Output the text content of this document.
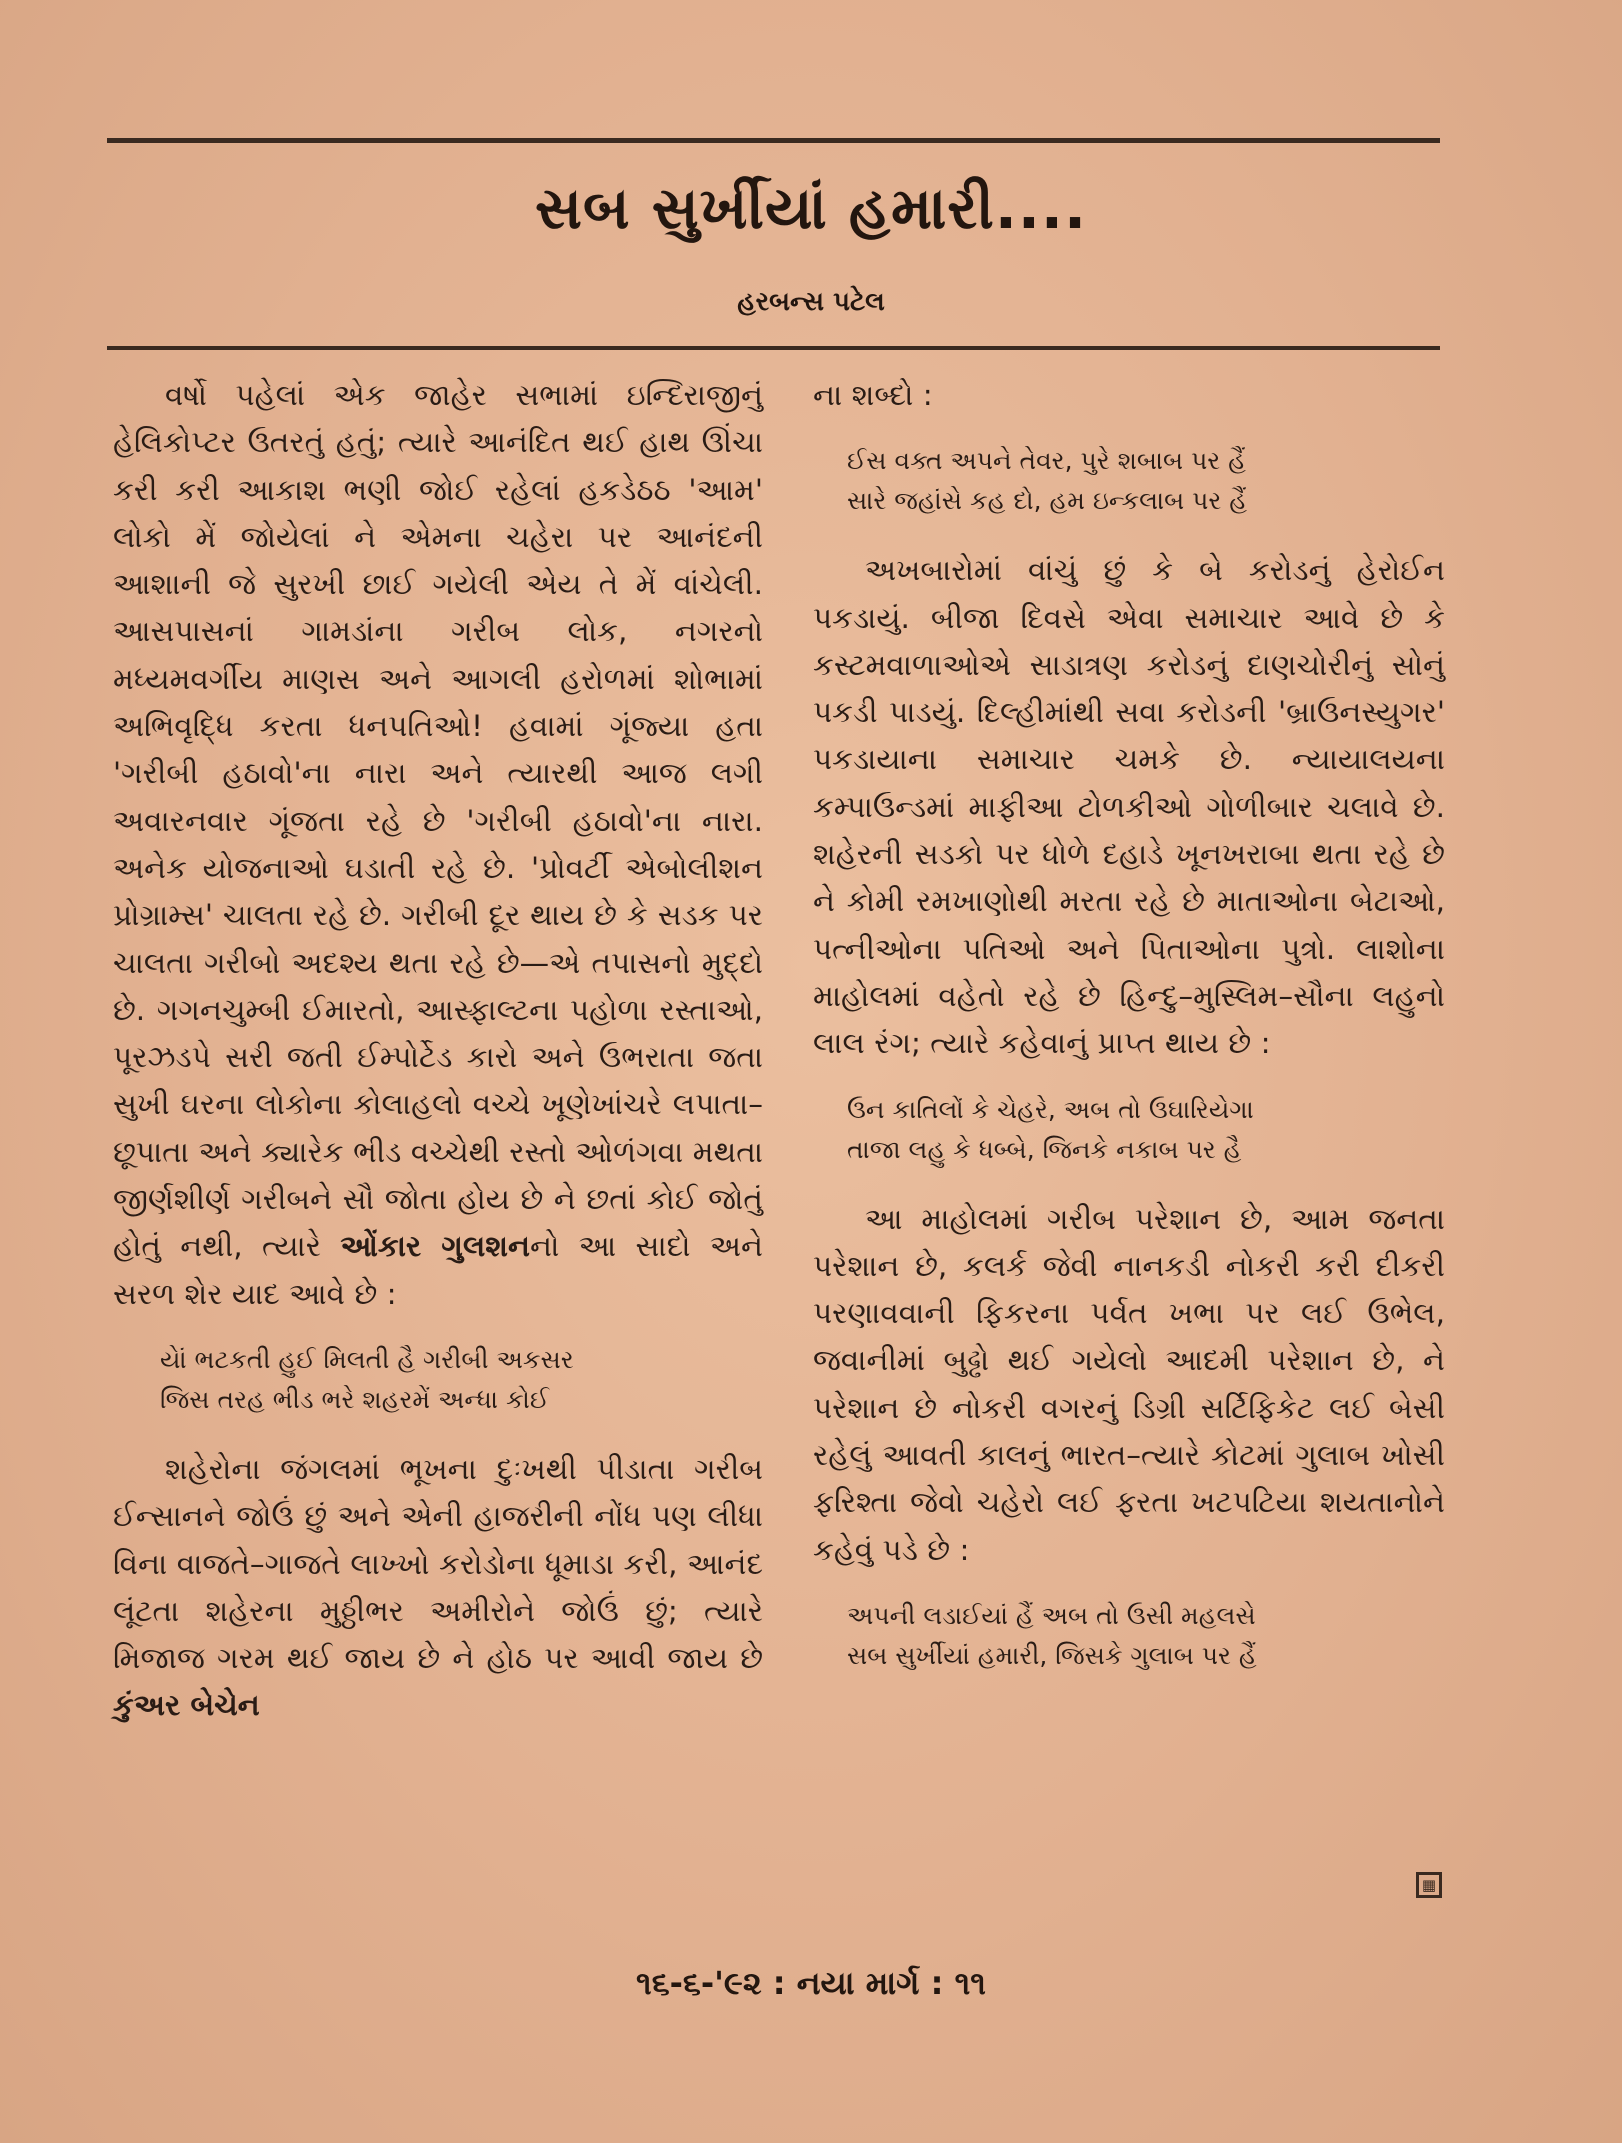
સબ સુર્ખીયાં હમારી....
હરબન્સ પટેલ

વર્ષો પહેલાં એક જાહેર સભામાં ઇન્દિરાજીનું હેલિકોપ્ટર ઉતરતું હતું; ત્યારે આનંદિત થઈ હાથ ઊંચા કરી કરી આકાશ ભણી જોઈ રહેલાં હકડેઠઠ 'આમ' લોકો મેં જોયેલાં ને એમના ચહેરા પર આનંદની આશાની જે સુરખી છાઈ ગયેલી એય તે મેં વાંચેલી. આસપાસનાં ગામડાંના ગરીબ લોક, નગરનો મધ્યમવર્ગીય માણસ અને આગલી હરોળમાં શોભામાં અભિવૃદ્ધિ કરતા ધનપતિઓ! હવામાં ગૂંજ્યા હતા 'ગરીબી હઠાવો'ના નારા અને ત્યારથી આજ લગી અવારનવાર ગૂંજતા રહે છે 'ગરીબી હઠાવો'ના નારા. અનેક યોજનાઓ ઘડાતી રહે છે. 'પ્રોવર્ટી એબોલીશન પ્રોગ્રામ્સ' ચાલતા રહે છે. ગરીબી દૂર થાય છે કે સડક પર ચાલતા ગરીબો અદશ્ય થતા રહે છે—એ તપાસનો મુદ્દો છે. ગગનચુમ્બી ઈમારતો, આસ્ફાલ્ટના પહોળા રસ્તાઓ, પૂરઝડપે સરી જતી ઈમ્પોર્ટેડ કારો અને ઉભરાતા જતા સુખી ઘરના લોકોના કોલાહલો વચ્ચે ખૂણેખાંચરે લપાતા–છૂપાતા અને ક્યારેક ભીડ વચ્ચેથી રસ્તો ઓળંગવા મથતા જીર્ણશીર્ણ ગરીબને સૌ જોતા હોય છે ને છતાં કોઈ જોતું હોતું નથી, ત્યારે ઓંકાર ગુલશનનો આ સાદો અને સરળ શેર યાદ આવે છે :

યેાં ભટકતી હુઈ મિલતી હૈ ગરીબી અકસર
જિસ તરહ ભીડ ભરે શહરમેં અન્ધા કોઈ

શહેરોના જંગલમાં ભૂખના દુઃખથી પીડાતા ગરીબ ઈન્સાનને જોઉં છું અને એની હાજરીની નોંધ પણ લીધા વિના વાજતે–ગાજતે લાખ્ખો કરોડોના ધૂમાડા કરી, આનંદ લૂંટતા શહેરના મુઠ્ઠીભર અમીરોને જોઉં છું; ત્યારે મિજાજ ગરમ થઈ જાય છે ને હોઠ પર આવી જાય છે કુંઅર બેચેન

ના શબ્દો :

ઈસ વક્ત અપને તેવર, પુરે શબાબ પર હૈં
સારે જહાંસે કહ દો, હમ ઇન્કલાબ પર હૈં

અખબારોમાં વાંચું છું કે બે કરોડનું હેરોઈન પકડાયું. બીજા દિવસે એવા સમાચાર આવે છે કે કસ્ટમવાળાઓએ સાડાત્રણ કરોડનું દાણચોરીનું સોનું પકડી પાડયું. દિલ્હીમાંથી સવા કરોડની 'બ્રાઉનસ્યુગર' પકડાયાના સમાચાર ચમકે છે. ન્યાયાલયના કમ્પાઉન્ડમાં માફીઆ ટોળકીઓ ગોળીબાર ચલાવે છે. શહેરની સડકો પર ધોળે દહાડે ખૂનખરાબા થતા રહે છે ને કોમી રમખાણોથી મરતા રહે છે માતાઓના બેટાઓ, પત્નીઓના પતિઓ અને પિતાઓના પુત્રો. લાશોના માહોલમાં વહેતો રહે છે હિન્દુ–મુસ્લિમ–સૌના લહુનો લાલ રંગ; ત્યારે કહેવાનું પ્રાપ્ત થાય છે :

ઉન કાતિલોં કે ચેહરે, અબ તો ઉઘારિયેગા
તાજા લહુ કે ધબ્બે, જિનકે નકાબ પર હૈ

આ માહોલમાં ગરીબ પરેશાન છે, આમ જનતા પરેશાન છે, કલર્ક જેવી નાનકડી નોકરી કરી દીકરી પરણાવવાની ફિકરના પર્વત ખભા પર લઈ ઉભેલ, જવાનીમાં બુઢ્ઢો થઈ ગયેલો આદમી પરેશાન છે, ને પરેશાન છે નોકરી વગરનું ડિગ્રી સર્ટિફિકેટ લઈ બેસી રહેલું આવતી કાલનું ભારત–ત્યારે કોટમાં ગુલાબ ખોસી ફરિશ્તા જેવો ચહેરો લઈ ફરતા ખટપટિયા શયતાનોને કહેવું પડે છે :

અપની લડાઈયાં હૈં અબ તો ઉસી મહલસે
સબ સુર્ખીયાં હમારી, જિસકે ગુલાબ પર હૈં
▦
૧૬-૬-'૯૨ : નયા માર્ગ : ૧૧
